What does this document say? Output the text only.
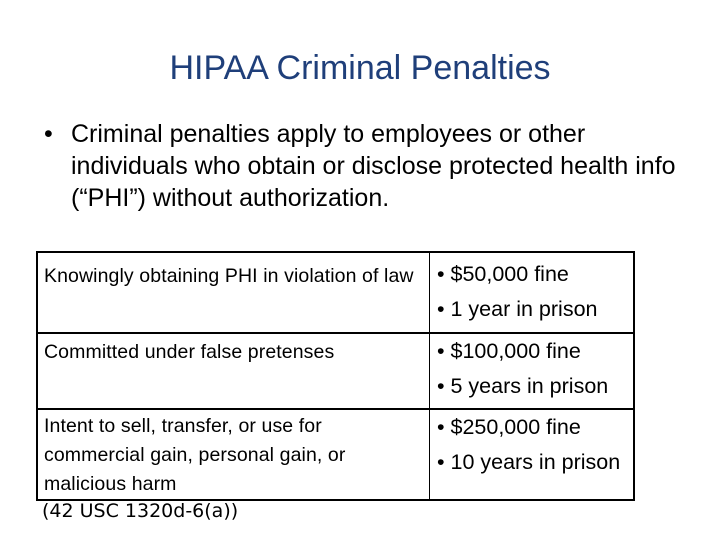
HIPAA Criminal Penalties
• Criminal penalties apply to employees or other individuals who obtain or disclose protected health info (“PHI”) without authorization.
Knowingly obtaining PHI in violation of law	• $50,000 fine
• 1 year in prison

Committed under false pretenses	• $100,000 fine
• 5 years in prison

Intent to sell, transfer, or use for commercial gain, personal gain, or malicious harm	• $250,000 fine
• 10 years in prison
(42 USC 1320d-6(a))
